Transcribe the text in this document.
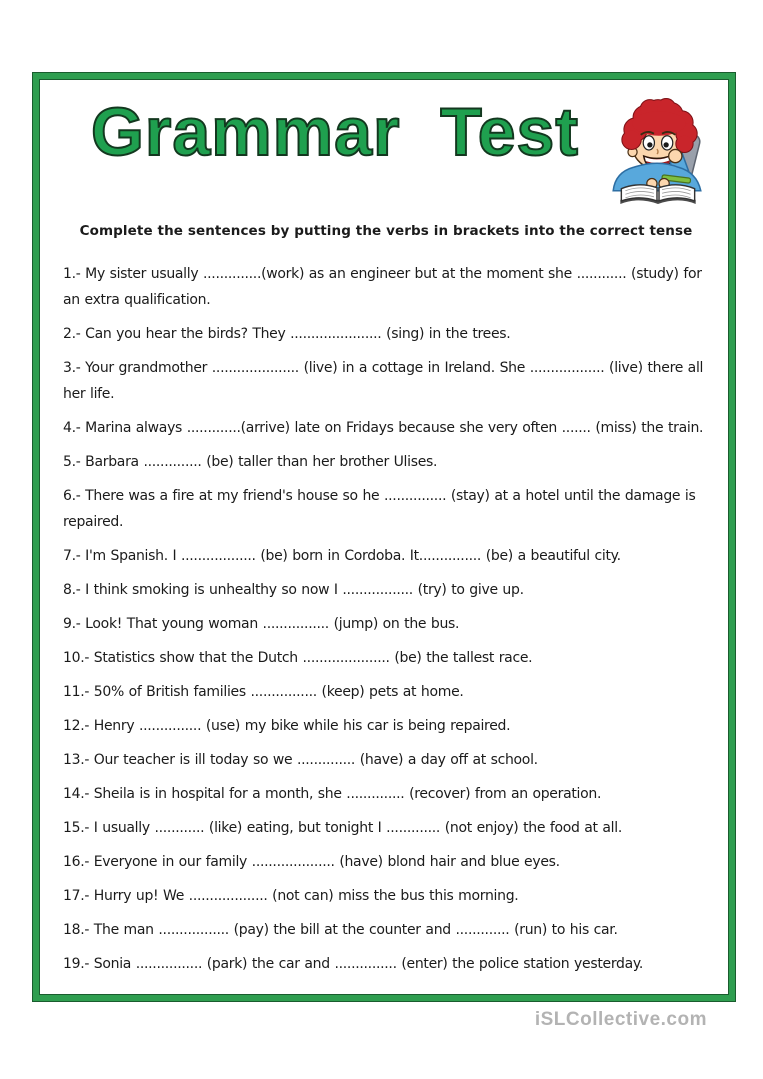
Grammar  Test
Complete the sentences by putting the verbs in brackets into the correct tense

1.- My sister usually ..............(work) as an engineer but at the moment she ............ (study) for an extra qualification.

2.- Can you hear the birds? They ...................... (sing) in the trees.

3.- Your grandmother ..................... (live) in a cottage in Ireland. She .................. (live) there all her life.

4.- Marina always .............(arrive) late on Fridays because she very often ....... (miss) the train.

5.- Barbara .............. (be) taller than her brother Ulises.

6.- There was a fire at my friend's house so he ............... (stay) at a hotel until the damage is repaired.

7.- I'm Spanish. I .................. (be) born in Cordoba. It............... (be) a beautiful city.

8.- I think smoking is unhealthy so now I ................. (try) to give up.

9.- Look! That young woman ................ (jump) on the bus.

10.- Statistics show that the Dutch ..................... (be) the tallest race.

11.- 50% of British families ................ (keep) pets at home.

12.- Henry ............... (use) my bike while his car is being repaired.

13.- Our teacher is ill today so we .............. (have) a day off at school.

14.- Sheila is in hospital for a month, she .............. (recover) from an operation.

15.- I usually ............ (like) eating, but tonight I ............. (not enjoy) the food at all.

16.- Everyone in our family .................... (have) blond hair and blue eyes.

17.- Hurry up! We ................... (not can) miss the bus this morning.

18.- The man ................. (pay) the bill at the counter and ............. (run) to his car.

19.- Sonia ................ (park) the car and ............... (enter) the police station yesterday.

iSLCollective.com
